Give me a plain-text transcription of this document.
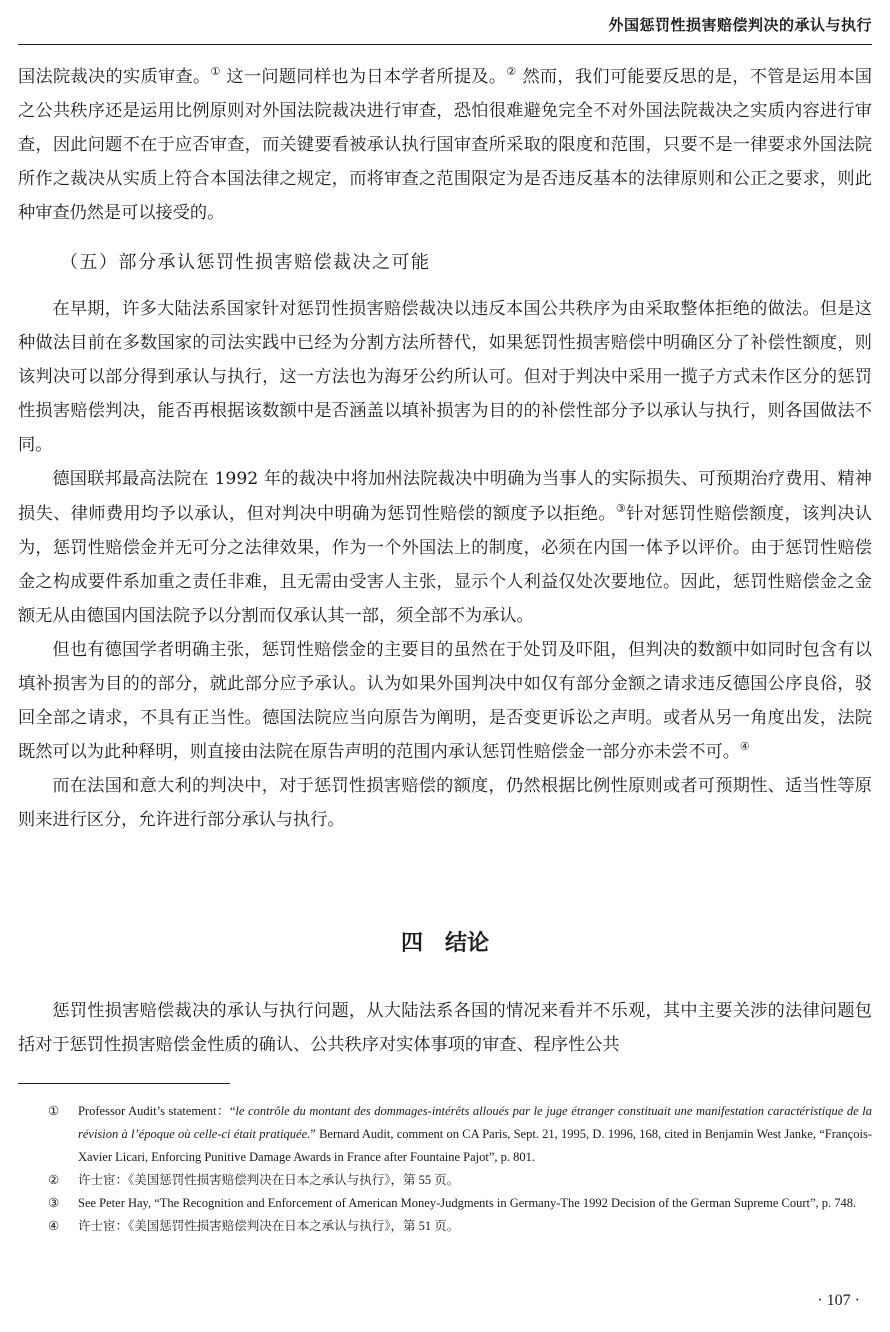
外国惩罚性损害赔偿判决的承认与执行

国法院裁决的实质审查。① 这一问题同样也为日本学者所提及。② 然而，我们可能要反思的是，不管是运用本国之公共秩序还是运用比例原则对外国法院裁决进行审查，恐怕很难避免完全不对外国法院裁决之实质内容进行审查，因此问题不在于应否审查，而关键要看被承认执行国审查所采取的限度和范围，只要不是一律要求外国法院所作之裁决从实质上符合本国法律之规定，而将审查之范围限定为是否违反基本的法律原则和公正之要求，则此种审查仍然是可以接受的。

（五）部分承认惩罚性损害赔偿裁决之可能

在早期，许多大陆法系国家针对惩罚性损害赔偿裁决以违反本国公共秩序为由采取整体拒绝的做法。但是这种做法目前在多数国家的司法实践中已经为分割方法所替代，如果惩罚性损害赔偿中明确区分了补偿性额度，则该判决可以部分得到承认与执行，这一方法也为海牙公约所认可。但对于判决中采用一揽子方式未作区分的惩罚性损害赔偿判决，能否再根据该数额中是否涵盖以填补损害为目的的补偿性部分予以承认与执行，则各国做法不同。

德国联邦最高法院在 1992 年的裁决中将加州法院裁决中明确为当事人的实际损失、可预期治疗费用、精神损失、律师费用均予以承认，但对判决中明确为惩罚性赔偿的额度予以拒绝。③针对惩罚性赔偿额度，该判决认为，惩罚性赔偿金并无可分之法律效果，作为一个外国法上的制度，必须在内国一体予以评价。由于惩罚性赔偿金之构成要件系加重之责任非难，且无需由受害人主张，显示个人利益仅处次要地位。因此，惩罚性赔偿金之金额无从由德国内国法院予以分割而仅承认其一部，须全部不为承认。

但也有德国学者明确主张，惩罚性赔偿金的主要目的虽然在于处罚及吓阻，但判决的数额中如同时包含有以填补损害为目的的部分，就此部分应予承认。认为如果外国判决中如仅有部分金额之请求违反德国公序良俗，驳回全部之请求，不具有正当性。德国法院应当向原告为阐明，是否变更诉讼之声明。或者从另一角度出发，法院既然可以为此种释明，则直接由法院在原告声明的范围内承认惩罚性赔偿金一部分亦未尝不可。④

而在法国和意大利的判决中，对于惩罚性损害赔偿的额度，仍然根据比例性原则或者可预期性、适当性等原则来进行区分，允许进行部分承认与执行。

四　结论

惩罚性损害赔偿裁决的承认与执行问题，从大陆法系各国的情况来看并不乐观，其中主要关涉的法律问题包括对于惩罚性损害赔偿金性质的确认、公共秩序对实体事项的审查、程序性公共

① Professor Audit’s statement：“le contrôle du montant des dommages-intérêts alloués par le juge étranger constituait une manifestation caractéristique de la révision à l’époque où celle-ci était pratiquée.” Bernard Audit, comment on CA Paris, Sept. 21, 1995, D. 1996, 168, cited in Benjamin West Janke, “François-Xavier Licari, Enforcing Punitive Damage Awards in France after Fountaine Pajot”, p. 801.

② 许士宦：《美国惩罚性损害赔偿判决在日本之承认与执行》，第 55 页。

③ See Peter Hay, “The Recognition and Enforcement of American Money-Judgments in Germany-The 1992 Decision of the German Supreme Court”, p. 748.

④ 许士宦：《美国惩罚性损害赔偿判决在日本之承认与执行》，第 51 页。

· 107 ·
